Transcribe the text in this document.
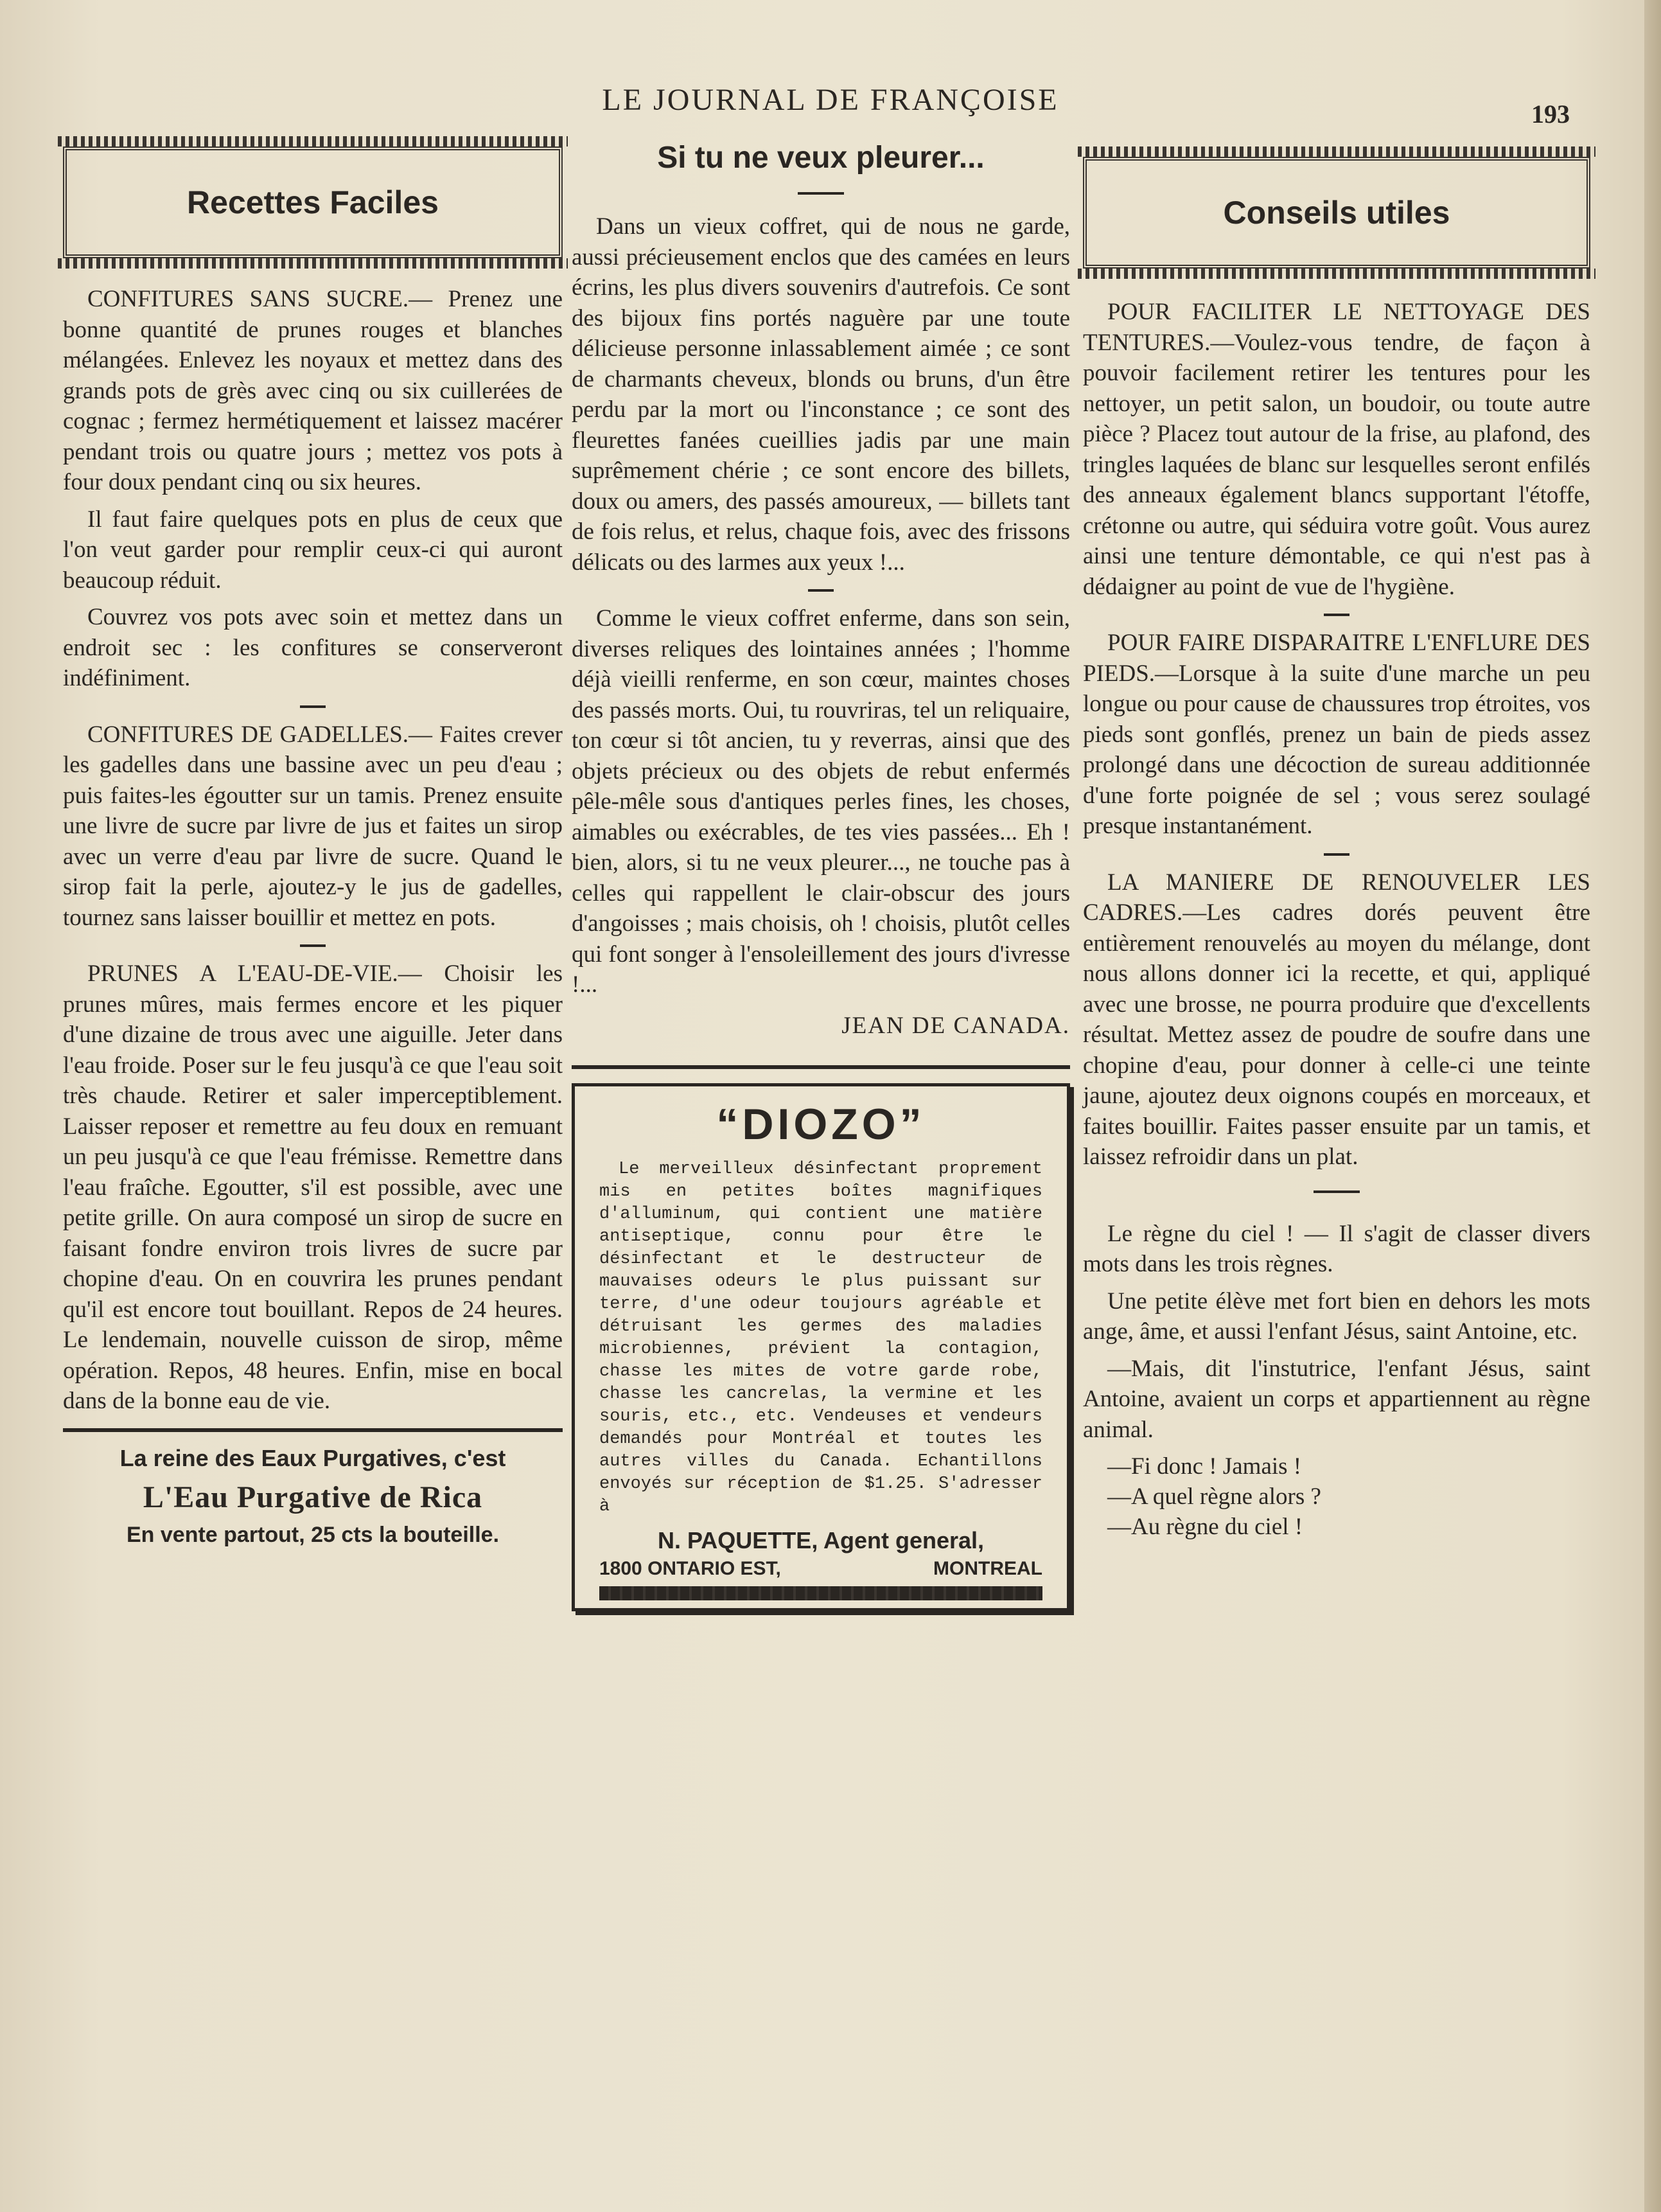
LE JOURNAL DE FRANÇOISE	193
Recettes Faciles

CONFITURES SANS SUCRE.— Prenez une bonne quantité de prunes rouges et blanches mélangées. Enlevez les noyaux et mettez dans des grands pots de grès avec cinq ou six cuillerées de cognac ; fermez hermétiquement et laissez macérer pendant trois ou quatre jours ; mettez vos pots à four doux pendant cinq ou six heures.

Il faut faire quelques pots en plus de ceux que l'on veut garder pour remplir ceux-ci qui auront beaucoup réduit.

Couvrez vos pots avec soin et mettez dans un endroit sec : les confitures se conserveront indéfiniment.

CONFITURES DE GADELLES.— Faites crever les gadelles dans une bassine avec un peu d'eau ; puis faites-les égoutter sur un tamis. Prenez ensuite une livre de sucre par livre de jus et faites un sirop avec un verre d'eau par livre de sucre. Quand le sirop fait la perle, ajoutez-y le jus de gadelles, tournez sans laisser bouillir et mettez en pots.

PRUNES A L'EAU-DE-VIE.— Choisir les prunes mûres, mais fermes encore et les piquer d'une dizaine de trous avec une aiguille. Jeter dans l'eau froide. Poser sur le feu jusqu'à ce que l'eau soit très chaude. Retirer et saler imperceptiblement. Laisser reposer et remettre au feu doux en remuant un peu jusqu'à ce que l'eau frémisse. Remettre dans l'eau fraîche. Egoutter, s'il est possible, avec une petite grille. On aura composé un sirop de sucre en faisant fondre environ trois livres de sucre par chopine d'eau. On en couvrira les prunes pendant qu'il est encore tout bouillant. Repos de 24 heures. Le lendemain, nouvelle cuisson de sirop, même opération. Repos, 48 heures. Enfin, mise en bocal dans de la bonne eau de vie.

La reine des Eaux Purgatives, c'est
L'Eau Purgative de Rica
En vente partout, 25 cts la bouteille.
Si tu ne veux pleurer...

Dans un vieux coffret, qui de nous ne garde, aussi précieusement enclos que des camées en leurs écrins, les plus divers souvenirs d'autrefois. Ce sont des bijoux fins portés naguère par une toute délicieuse personne inlassablement aimée ; ce sont de charmants cheveux, blonds ou bruns, d'un être perdu par la mort ou l'inconstance ; ce sont des fleurettes fanées cueillies jadis par une main suprêmement chérie ; ce sont encore des billets, doux ou amers, des passés amoureux, — billets tant de fois relus, et relus, chaque fois, avec des frissons délicats ou des larmes aux yeux !...

Comme le vieux coffret enferme, dans son sein, diverses reliques des lointaines années ; l'homme déjà vieilli renferme, en son cœur, maintes choses des passés morts. Oui, tu rouvriras, tel un reliquaire, ton cœur si tôt ancien, tu y reverras, ainsi que des objets précieux ou des objets de rebut enfermés pêle-mêle sous d'antiques perles fines, les choses, aimables ou exécrables, de tes vies passées... Eh ! bien, alors, si tu ne veux pleurer..., ne touche pas à celles qui rappellent le clair-obscur des jours d'angoisses ; mais choisis, oh ! choisis, plutôt celles qui font songer à l'ensoleillement des jours d'ivresse !...

JEAN DE CANADA.
“DIOZO”

Le merveilleux désinfectant proprement mis en petites boîtes magnifiques d'alluminum, qui contient une matière antiseptique, connu pour être le désinfectant et le destructeur de mauvaises odeurs le plus puissant sur terre, d'une odeur toujours agréable et détruisant les germes des maladies microbiennes, prévient la contagion, chasse les mites de votre garde robe, chasse les cancrelas, la vermine et les souris, etc., etc. Vendeuses et vendeurs demandés pour Montréal et toutes les autres villes du Canada. Echantillons envoyés sur réception de $1.25. S'adresser à

N. PAQUETTE, Agent general,
1800 ONTARIO EST,	MONTREAL
Conseils utiles

POUR FACILITER LE NETTOYAGE DES TENTURES.—Voulez-vous tendre, de façon à pouvoir facilement retirer les tentures pour les nettoyer, un petit salon, un boudoir, ou toute autre pièce ? Placez tout autour de la frise, au plafond, des tringles laquées de blanc sur lesquelles seront enfilés des anneaux également blancs supportant l'étoffe, crétonne ou autre, qui séduira votre goût. Vous aurez ainsi une tenture démontable, ce qui n'est pas à dédaigner au point de vue de l'hygiène.

POUR FAIRE DISPARAITRE L'ENFLURE DES PIEDS.—Lorsque à la suite d'une marche un peu longue ou pour cause de chaussures trop étroites, vos pieds sont gonflés, prenez un bain de pieds assez prolongé dans une décoction de sureau additionnée d'une forte poignée de sel ; vous serez soulagé presque instantanément.

LA MANIERE DE RENOUVELER LES CADRES.—Les cadres dorés peuvent être entièrement renouvelés au moyen du mélange, dont nous allons donner ici la recette, et qui, appliqué avec une brosse, ne pourra produire que d'excellents résultat. Mettez assez de poudre de soufre dans une chopine d'eau, pour donner à celle-ci une teinte jaune, ajoutez deux oignons coupés en morceaux, et faites bouillir. Faites passer ensuite par un tamis, et laissez refroidir dans un plat.

Le règne du ciel ! — Il s'agit de classer divers mots dans les trois règnes.

Une petite élève met fort bien en dehors les mots ange, âme, et aussi l'enfant Jésus, saint Antoine, etc.

—Mais, dit l'instutrice, l'enfant Jésus, saint Antoine, avaient un corps et appartiennent au règne animal.

—Fi donc ! Jamais !

—A quel règne alors ?

—Au règne du ciel !
